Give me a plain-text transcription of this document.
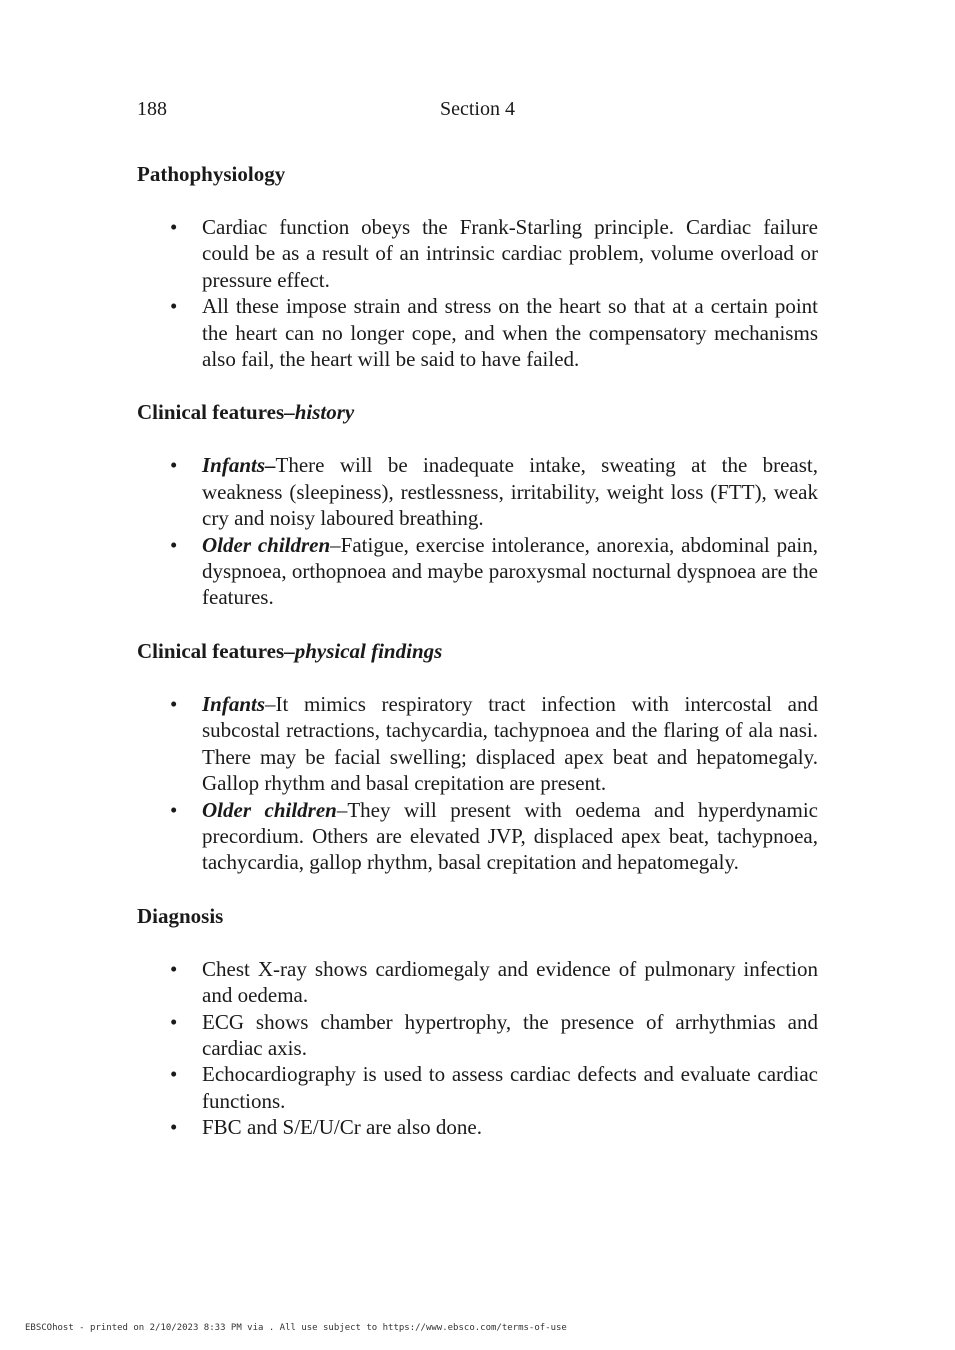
188	Section 4
Pathophysiology
• Cardiac function obeys the Frank-Starling principle. Cardiac failure could be as a result of an intrinsic cardiac problem, volume overload or pressure effect.
• All these impose strain and stress on the heart so that at a certain point the heart can no longer cope, and when the compensatory mechanisms also fail, the heart will be said to have failed.
Clinical features–history
• Infants–There will be inadequate intake, sweating at the breast, weakness (sleepiness), restlessness, irritability, weight loss (FTT), weak cry and noisy laboured breathing.
• Older children–Fatigue, exercise intolerance, anorexia, abdominal pain, dyspnoea, orthopnoea and maybe paroxysmal nocturnal dyspnoea are the features.
Clinical features–physical findings
• Infants–It mimics respiratory tract infection with intercostal and subcostal retractions, tachycardia, tachypnoea and the flaring of ala nasi. There may be facial swelling; displaced apex beat and hepatomegaly. Gallop rhythm and basal crepitation are present.
• Older children–They will present with oedema and hyperdynamic precordium. Others are elevated JVP, displaced apex beat, tachypnoea, tachycardia, gallop rhythm, basal crepitation and hepatomegaly.
Diagnosis
• Chest X-ray shows cardiomegaly and evidence of pulmonary infection and oedema.
• ECG shows chamber hypertrophy, the presence of arrhythmias and cardiac axis.
• Echocardiography is used to assess cardiac defects and evaluate cardiac functions.
• FBC and S/E/U/Cr are also done.
EBSCOhost - printed on 2/10/2023 8:33 PM via . All use subject to https://www.ebsco.com/terms-of-use
